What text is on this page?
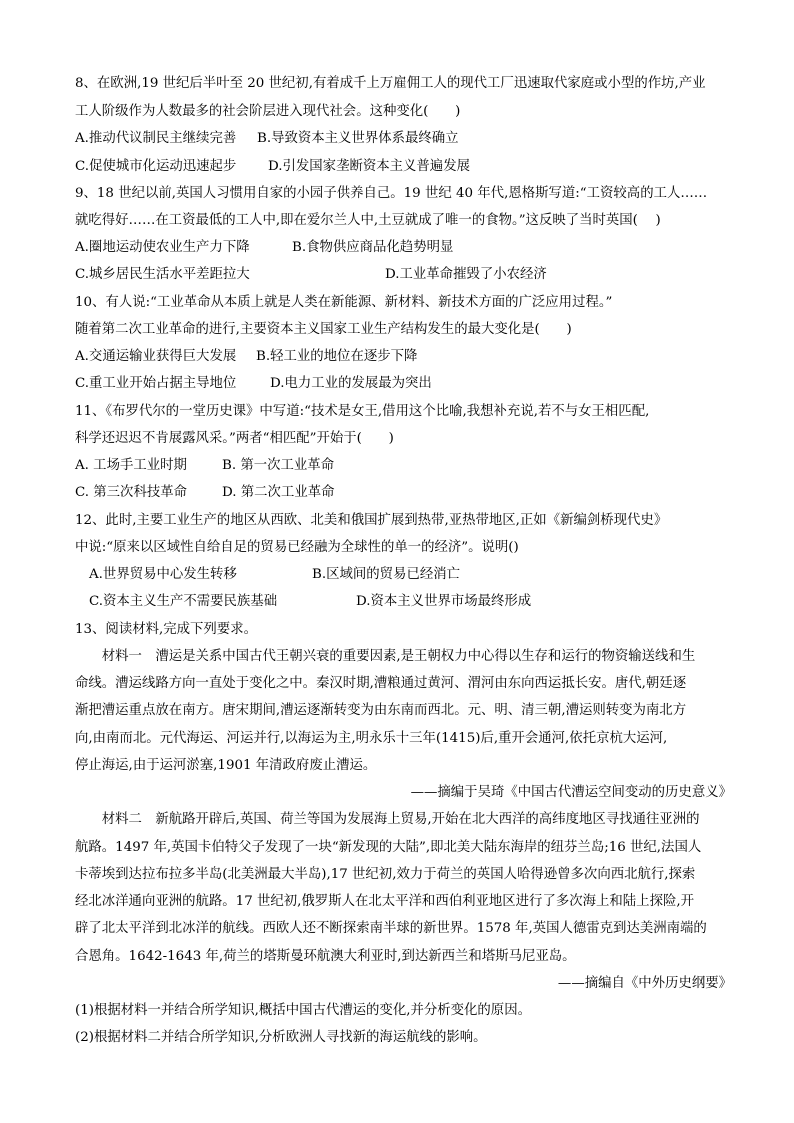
8、在欧洲,19 世纪后半叶至 20 世纪初,有着成千上万雇佣工人的现代工厂迅速取代家庭或小型的作坊,产业
工人阶级作为人数最多的社会阶层进入现代社会。这种变化(　　)
A.推动代议制民主继续完善 B.导致资本主义世界体系最终确立
C.促使城市化运动迅速起步 D.引发国家垄断资本主义普遍发展
9、18 世纪以前,英国人习惯用自家的小园子供养自己。19 世纪 40 年代,恩格斯写道:“工资较高的工人……
就吃得好……在工资最低的工人中,即在爱尔兰人中,土豆就成了唯一的食物。”这反映了当时英国(　 )
A.圈地运动使农业生产力下降	B.食物供应商品化趋势明显
C.城乡居民生活水平差距拉大	D.工业革命摧毁了小农经济
10、有人说:“工业革命从本质上就是人类在新能源、新材料、新技术方面的广泛应用过程。”
随着第二次工业革命的进行,主要资本主义国家工业生产结构发生的最大变化是(　　)
A.交通运输业获得巨大发展 B.轻工业的地位在逐步下降
C.重工业开始占据主导地位	D.电力工业的发展最为突出
11、《布罗代尔的一堂历史课》中写道:“技术是女王,借用这个比喻,我想补充说,若不与女王相匹配,
科学还迟迟不肯展露风采。”两者“相匹配”开始于(　　)
A. 工场手工业时期	B. 第一次工业革命
C. 第三次科技革命	D. 第二次工业革命
12、此时,主要工业生产的地区从西欧、北美和俄国扩展到热带,亚热带地区,正如《新编剑桥现代史》
中说:“原来以区域性自给自足的贸易已经融为全球性的单一的经济”。说明()
A.世界贸易中心发生转移	B.区域间的贸易已经消亡
C.资本主义生产不需要民族基础	D.资本主义世界市场最终形成
13、阅读材料,完成下列要求。
　　材料一　漕运是关系中国古代王朝兴衰的重要因素,是王朝权力中心得以生存和运行的物资输送线和生
命线。漕运线路方向一直处于变化之中。秦汉时期,漕粮通过黄河、渭河由东向西运抵长安。唐代,朝廷逐
渐把漕运重点放在南方。唐宋期间,漕运逐渐转变为由东南而西北。元、明、清三朝,漕运则转变为南北方
向,由南而北。元代海运、河运并行,以海运为主,明永乐十三年(1415)后,重开会通河,依托京杭大运河,
停止海运,由于运河淤塞,1901 年清政府废止漕运。
——摘编于吴琦《中国古代漕运空间变动的历史意义》
　　材料二　新航路开辟后,英国、荷兰等国为发展海上贸易,开始在北大西洋的高纬度地区寻找通往亚洲的
航路。1497 年,英国卡伯特父子发现了一块“新发现的大陆”,即北美大陆东海岸的纽芬兰岛;16 世纪,法国人
卡蒂埃到达拉布拉多半岛(北美洲最大半岛),17 世纪初,效力于荷兰的英国人哈得逊曾多次向西北航行,探索
经北冰洋通向亚洲的航路。17 世纪初,俄罗斯人在北太平洋和西伯利亚地区进行了多次海上和陆上探险,开
辟了北太平洋到北冰洋的航线。西欧人还不断探索南半球的新世界。1578 年,英国人德雷克到达美洲南端的
合恩角。1642-1643 年,荷兰的塔斯曼环航澳大利亚时,到达新西兰和塔斯马尼亚岛。
——摘编自《中外历史纲要》
(1)根据材料一并结合所学知识,概括中国古代漕运的变化,并分析变化的原因。
(2)根据材料二并结合所学知识,分析欧洲人寻找新的海运航线的影响。
